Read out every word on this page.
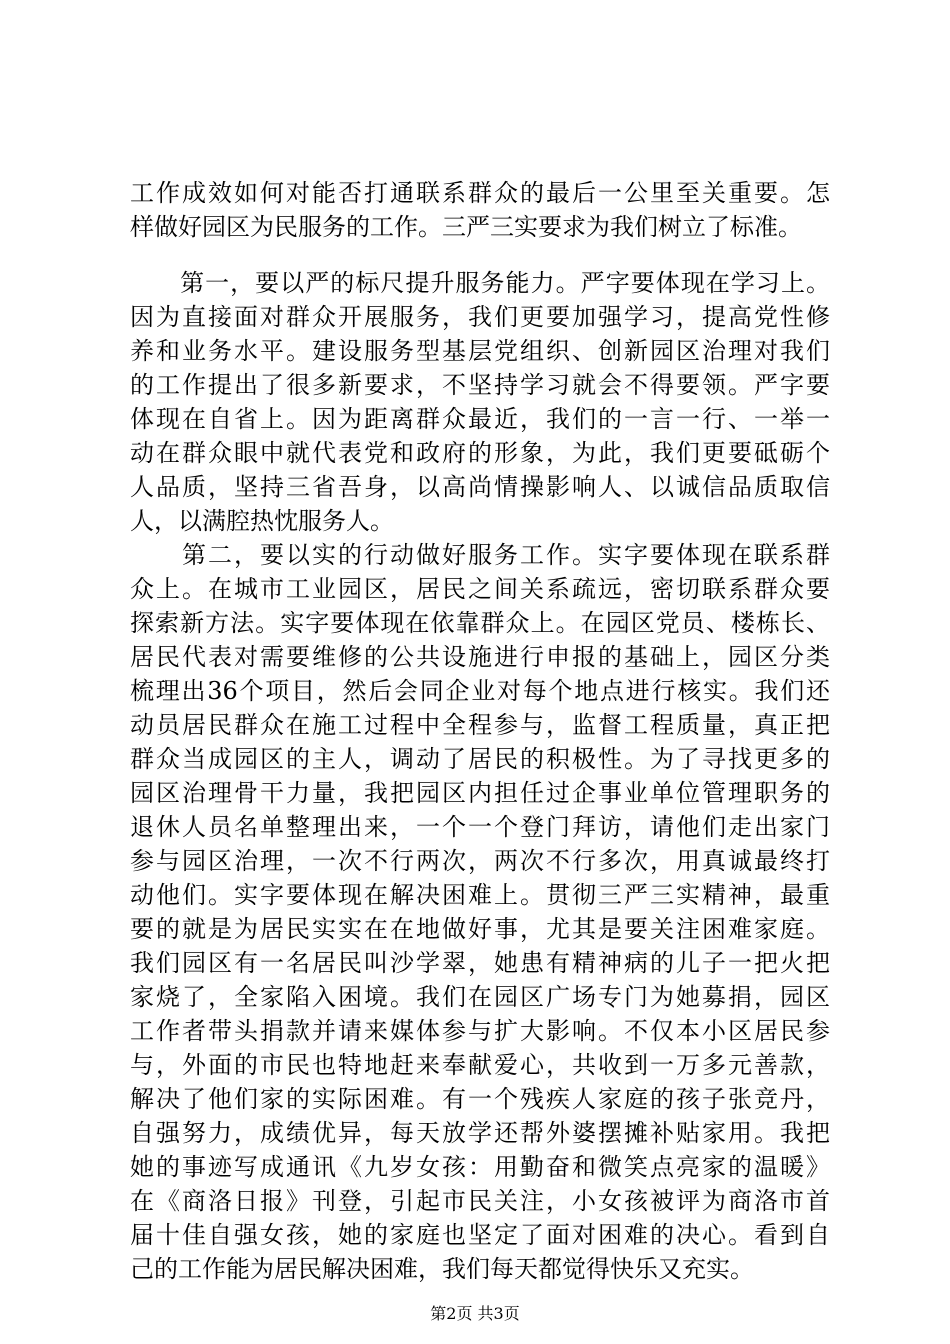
工作成效如何对能否打通联系群众的最后一公里至关重要。怎
样做好园区为民服务的工作。三严三实要求为我们树立了标准。
　　第一，要以严的标尺提升服务能力。严字要体现在学习上。
因为直接面对群众开展服务，我们更要加强学习，提高党性修
养和业务水平。建设服务型基层党组织、创新园区治理对我们
的工作提出了很多新要求，不坚持学习就会不得要领。严字要
体现在自省上。因为距离群众最近，我们的一言一行、一举一
动在群众眼中就代表党和政府的形象，为此，我们更要砥砺个
人品质，坚持三省吾身，以高尚情操影响人、以诚信品质取信
人，以满腔热忱服务人。
　　第二，要以实的行动做好服务工作。实字要体现在联系群
众上。在城市工业园区，居民之间关系疏远，密切联系群众要
探索新方法。实字要体现在依靠群众上。在园区党员、楼栋长、
居民代表对需要维修的公共设施进行申报的基础上，园区分类
梳理出36个项目，然后会同企业对每个地点进行核实。我们还
动员居民群众在施工过程中全程参与，监督工程质量，真正把
群众当成园区的主人，调动了居民的积极性。为了寻找更多的
园区治理骨干力量，我把园区内担任过企事业单位管理职务的
退休人员名单整理出来，一个一个登门拜访，请他们走出家门
参与园区治理，一次不行两次，两次不行多次，用真诚最终打
动他们。实字要体现在解决困难上。贯彻三严三实精神，最重
要的就是为居民实实在在地做好事，尤其是要关注困难家庭。
我们园区有一名居民叫沙学翠，她患有精神病的儿子一把火把
家烧了，全家陷入困境。我们在园区广场专门为她募捐，园区
工作者带头捐款并请来媒体参与扩大影响。不仅本小区居民参
与，外面的市民也特地赶来奉献爱心，共收到一万多元善款，
解决了他们家的实际困难。有一个残疾人家庭的孩子张竞丹，
自强努力，成绩优异，每天放学还帮外婆摆摊补贴家用。我把
她的事迹写成通讯《九岁女孩：用勤奋和微笑点亮家的温暖》
在《商洛日报》刊登，引起市民关注，小女孩被评为商洛市首
届十佳自强女孩，她的家庭也坚定了面对困难的决心。看到自
己的工作能为居民解决困难，我们每天都觉得快乐又充实。
第2页 共3页
